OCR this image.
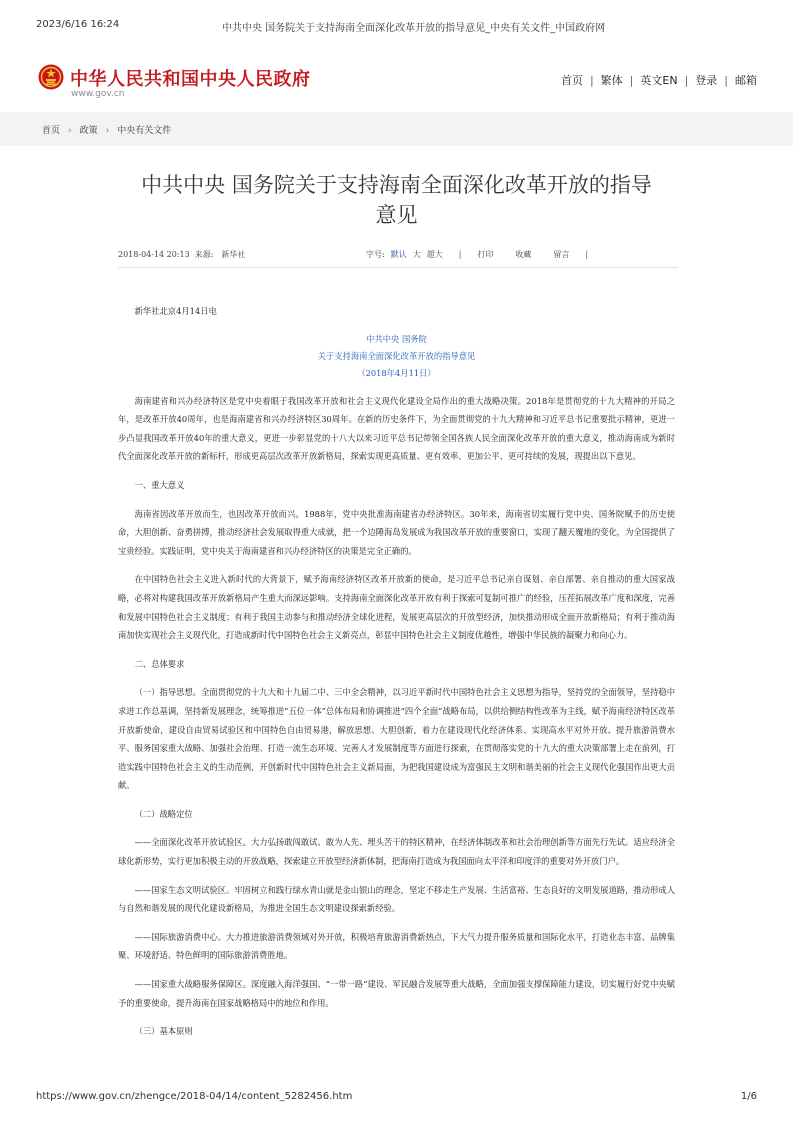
2023/6/16 16:24	中共中央 国务院关于支持海南全面深化改革开放的指导意见_中央有关文件_中国政府网
中华人民共和国中央人民政府
www.gov.cn
首页 | 繁体 | 英文EN | 登录 | 邮箱
首页 › 政策 › 中央有关文件
中共中央 国务院关于支持海南全面深化改革开放的指导
意见
2018-04-14 20:13 来源: 新华社	字号: 默认 大 超大 | 打印	收藏	留言 |

新华社北京4月14日电

中共中央 国务院
关于支持海南全面深化改革开放的指导意见
（2018年4月11日）

海南建省和兴办经济特区是党中央着眼于我国改革开放和社会主义现代化建设全局作出的重大战略决策。2018年是贯彻党的十九大精神的开局之年，是改革开放40周年，也是海南建省和兴办经济特区30周年。在新的历史条件下，为全面贯彻党的十九大精神和习近平总书记重要批示精神，更进一步凸显我国改革开放40年的重大意义，更进一步彰显党的十八大以来习近平总书记带领全国各族人民全面深化改革开放的重大意义，推动海南成为新时代全面深化改革开放的新标杆，形成更高层次改革开放新格局，探索实现更高质量、更有效率、更加公平、更可持续的发展，现提出以下意见。

一、重大意义

海南省因改革开放而生，也因改革开放而兴。1988年，党中央批准海南建省办经济特区。30年来，海南省切实履行党中央、国务院赋予的历史使命，大胆创新、奋勇拼搏，推动经济社会发展取得重大成就，把一个边陲海岛发展成为我国改革开放的重要窗口，实现了翻天覆地的变化，为全国提供了宝贵经验。实践证明，党中央关于海南建省和兴办经济特区的决策是完全正确的。

在中国特色社会主义进入新时代的大背景下，赋予海南经济特区改革开放新的使命，是习近平总书记亲自谋划、亲自部署、亲自推动的重大国家战略，必将对构建我国改革开放新格局产生重大而深远影响。支持海南全面深化改革开放有利于探索可复制可推广的经验，压茬拓展改革广度和深度，完善和发展中国特色社会主义制度；有利于我国主动参与和推动经济全球化进程，发展更高层次的开放型经济，加快推动形成全面开放新格局；有利于推动海南加快实现社会主义现代化，打造成新时代中国特色社会主义新亮点，彰显中国特色社会主义制度优越性，增强中华民族的凝聚力和向心力。

二、总体要求

（一）指导思想。全面贯彻党的十九大和十九届二中、三中全会精神，以习近平新时代中国特色社会主义思想为指导，坚持党的全面领导，坚持稳中求进工作总基调，坚持新发展理念，统筹推进“五位一体”总体布局和协调推进“四个全面”战略布局，以供给侧结构性改革为主线，赋予海南经济特区改革开放新使命，建设自由贸易试验区和中国特色自由贸易港，解放思想、大胆创新，着力在建设现代化经济体系、实现高水平对外开放、提升旅游消费水平、服务国家重大战略、加强社会治理、打造一流生态环境、完善人才发展制度等方面进行探索，在贯彻落实党的十九大的重大决策部署上走在前列，打造实践中国特色社会主义的生动范例，开创新时代中国特色社会主义新局面，为把我国建设成为富强民主文明和谐美丽的社会主义现代化强国作出更大贡献。

（二）战略定位

——全面深化改革开放试验区。大力弘扬敢闯敢试、敢为人先、埋头苦干的特区精神，在经济体制改革和社会治理创新等方面先行先试。适应经济全球化新形势，实行更加积极主动的开放战略，探索建立开放型经济新体制，把海南打造成为我国面向太平洋和印度洋的重要对外开放门户。

——国家生态文明试验区。牢固树立和践行绿水青山就是金山银山的理念，坚定不移走生产发展、生活富裕、生态良好的文明发展道路，推动形成人与自然和谐发展的现代化建设新格局，为推进全国生态文明建设探索新经验。

——国际旅游消费中心。大力推进旅游消费领域对外开放，积极培育旅游消费新热点，下大气力提升服务质量和国际化水平，打造业态丰富、品牌集聚、环境舒适、特色鲜明的国际旅游消费胜地。

——国家重大战略服务保障区。深度融入海洋强国、“一带一路”建设、军民融合发展等重大战略，全面加强支撑保障能力建设，切实履行好党中央赋予的重要使命，提升海南在国家战略格局中的地位和作用。

（三）基本原则

https://www.gov.cn/zhengce/2018-04/14/content_5282456.htm	1/6
